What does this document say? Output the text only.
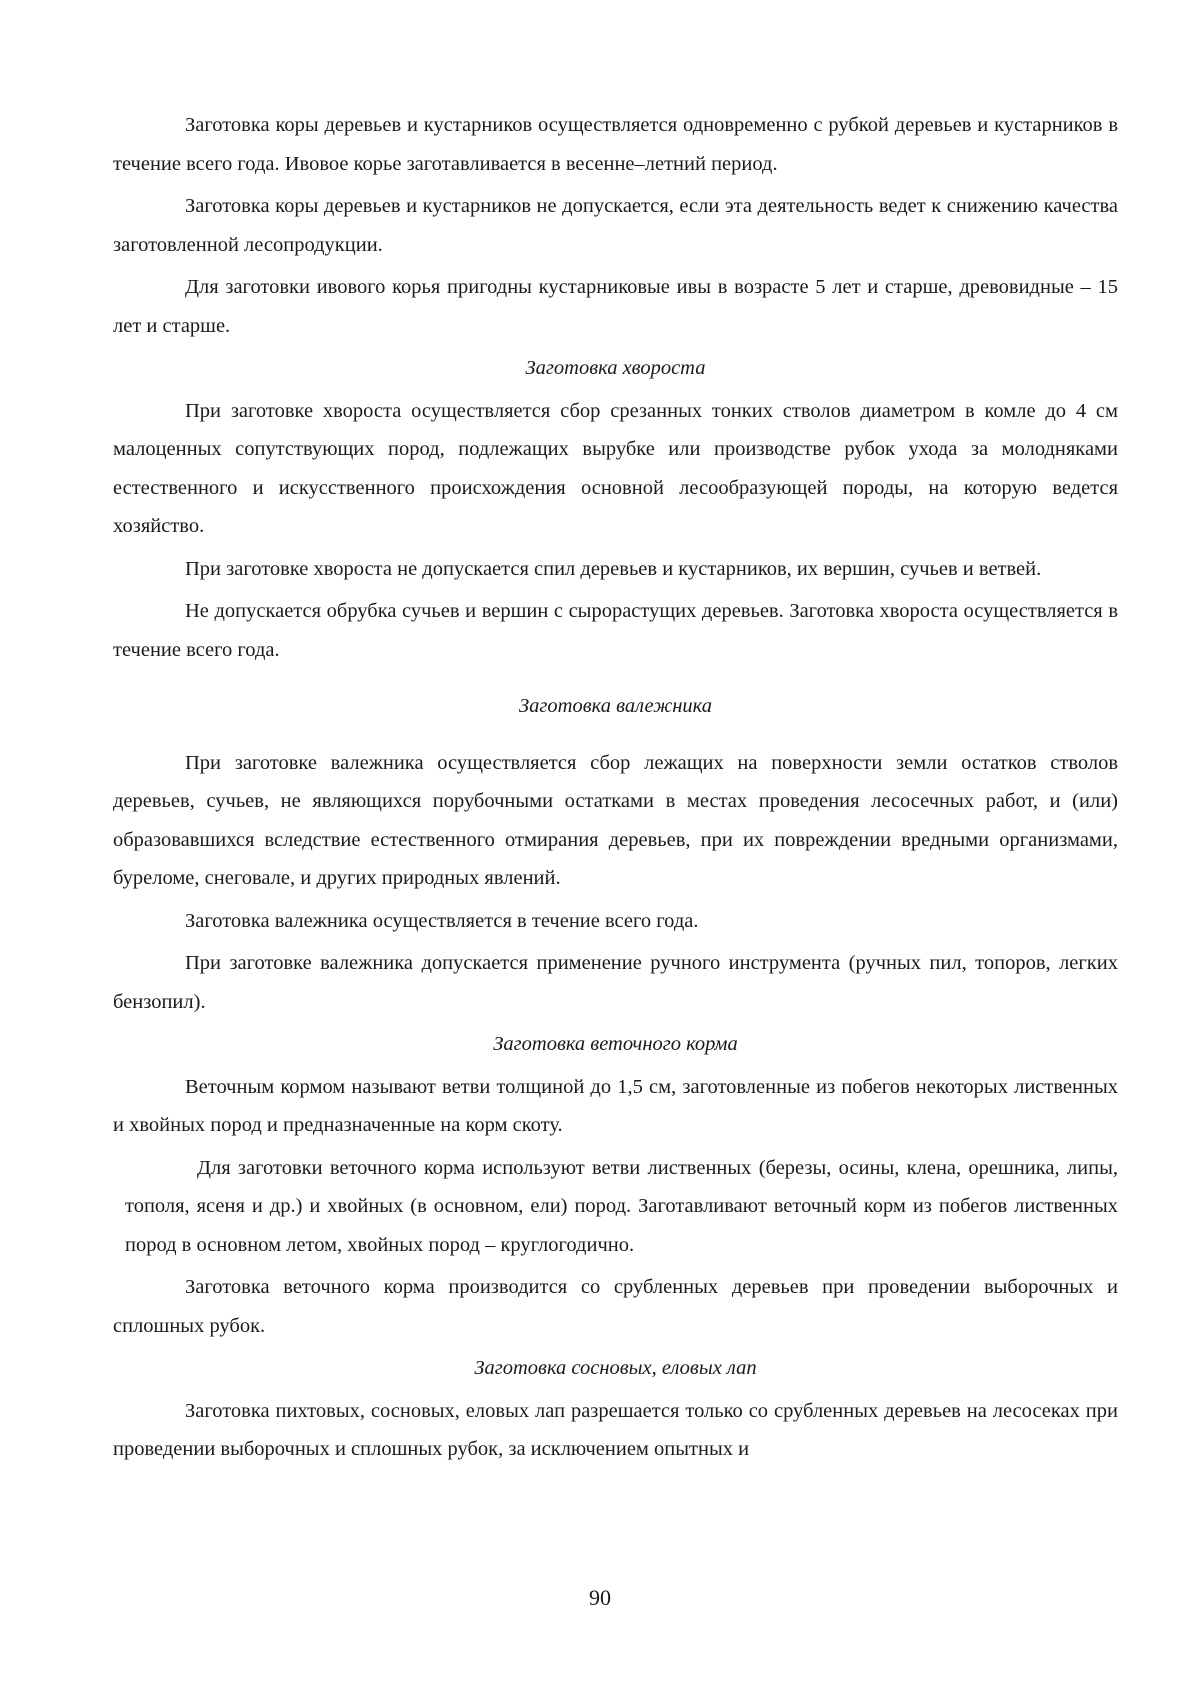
Заготовка коры деревьев и кустарников осуществляется одновременно с рубкой деревьев и кустарников в течение всего года. Ивовое корье заготавливается в весенне–летний период.

Заготовка коры деревьев и кустарников не допускается, если эта деятельность ведет к снижению качества заготовленной лесопродукции.

Для заготовки ивового корья пригодны кустарниковые ивы в возрасте 5 лет и старше, древовидные – 15 лет и старше.

Заготовка хвороста

При заготовке хвороста осуществляется сбор срезанных тонких стволов диаметром в комле до 4 см малоценных сопутствующих пород, подлежащих вырубке или производстве рубок ухода за молодняками естественного и искусственного происхождения основной лесообразующей породы, на которую ведется хозяйство.

При заготовке хвороста не допускается спил деревьев и кустарников, их вершин, сучьев и ветвей.

Не допускается обрубка сучьев и вершин с сырорастущих деревьев. Заготовка хвороста осуществляется в течение всего года.

Заготовка валежника

При заготовке валежника осуществляется сбор лежащих на поверхности земли остатков стволов деревьев, сучьев, не являющихся порубочными остатками в местах проведения лесосечных работ, и (или) образовавшихся вследствие естественного отмирания деревьев, при их повреждении вредными организмами, буреломе, снеговале, и других природных явлений.

Заготовка валежника осуществляется в течение всего года.

При заготовке валежника допускается применение ручного инструмента (ручных пил, топоров, легких бензопил).

Заготовка веточного корма

Веточным кормом называют ветви толщиной до 1,5 см, заготовленные из побегов некоторых лиственных и хвойных пород и предназначенные на корм скоту.

Для заготовки веточного корма используют ветви лиственных (березы, осины, клена, орешника, липы, тополя, ясеня и др.) и хвойных (в основном, ели) пород. Заготавливают веточный корм из побегов лиственных пород в основном летом, хвойных пород – круглогодично.

Заготовка веточного корма производится со срубленных деревьев при проведении выборочных и сплошных рубок.

Заготовка сосновых, еловых лап

Заготовка пихтовых, сосновых, еловых лап разрешается только со срубленных деревьев на лесосеках при проведении выборочных и сплошных рубок, за исключением опытных и

90
